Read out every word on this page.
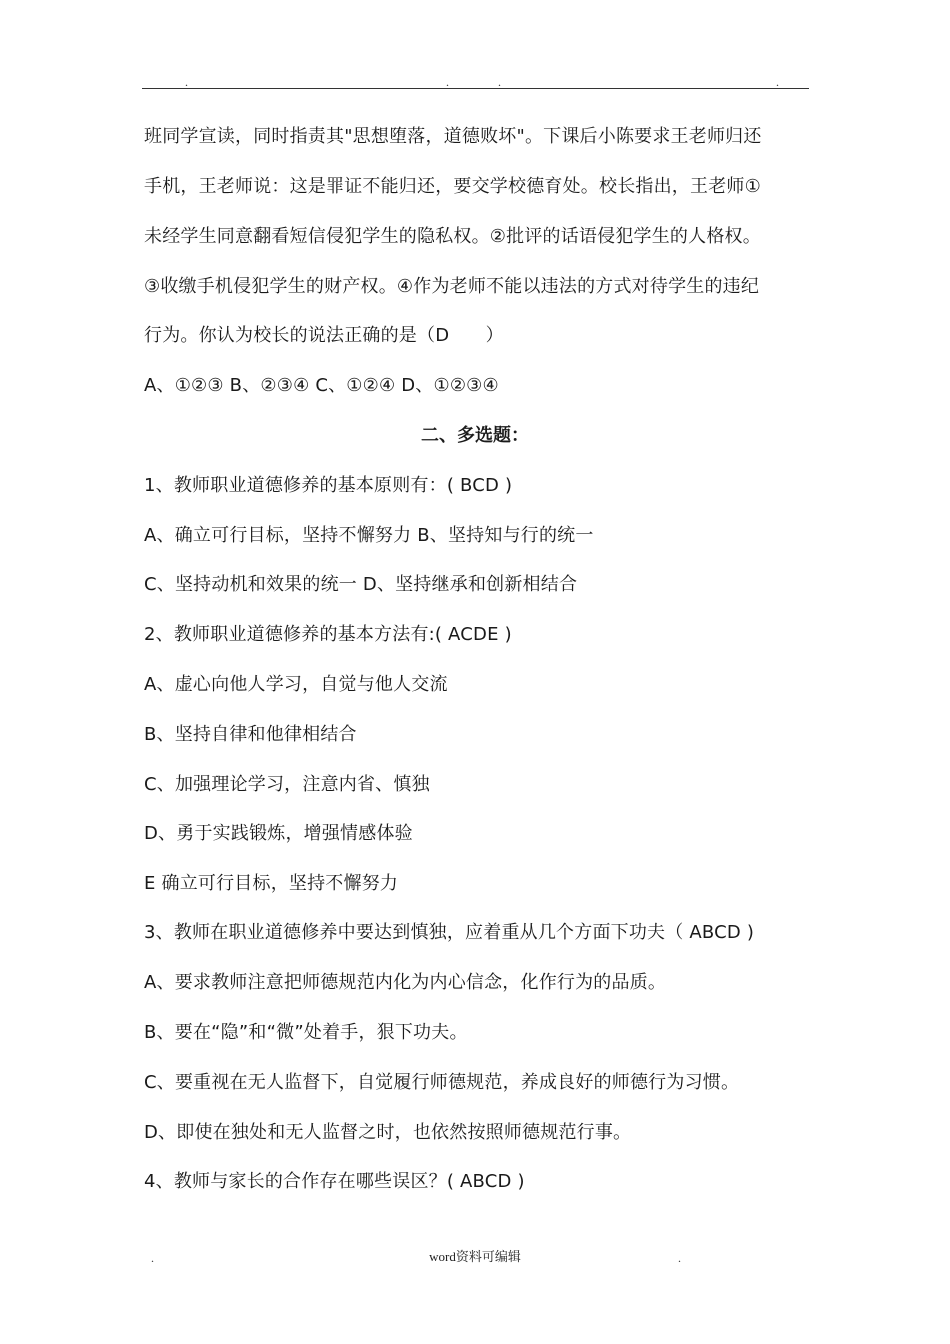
.	.	.	.
班同学宣读，同时指责其"思想堕落，道德败坏"。下课后小陈要求王老师归还
手机，王老师说：这是罪证不能归还，要交学校德育处。校长指出，王老师①
未经学生同意翻看短信侵犯学生的隐私权。②批评的话语侵犯学生的人格权。
③收缴手机侵犯学生的财产权。④作为老师不能以违法的方式对待学生的违纪
行为。你认为校长的说法正确的是（D　　）
A、①②③ B、②③④ C、①②④ D、①②③④
二、多选题：
1、教师职业道德修养的基本原则有：( BCD )
A、确立可行目标，坚持不懈努力 B、坚持知与行的统一
C、坚持动机和效果的统一 D、坚持继承和创新相结合
2、教师职业道德修养的基本方法有:( ACDE )
A、虚心向他人学习，自觉与他人交流
B、坚持自律和他律相结合
C、加强理论学习，注意内省、慎独
D、勇于实践锻炼，增强情感体验
E 确立可行目标，坚持不懈努力
3、教师在职业道德修养中要达到慎独，应着重从几个方面下功夫（ ABCD )
A、要求教师注意把师德规范内化为内心信念，化作行为的品质。
B、要在“隐”和“微”处着手，狠下功夫。
C、要重视在无人监督下，自觉履行师德规范，养成良好的师德行为习惯。
D、即使在独处和无人监督之时，也依然按照师德规范行事。
4、教师与家长的合作存在哪些误区？( ABCD )
.	word资料可编辑	.
